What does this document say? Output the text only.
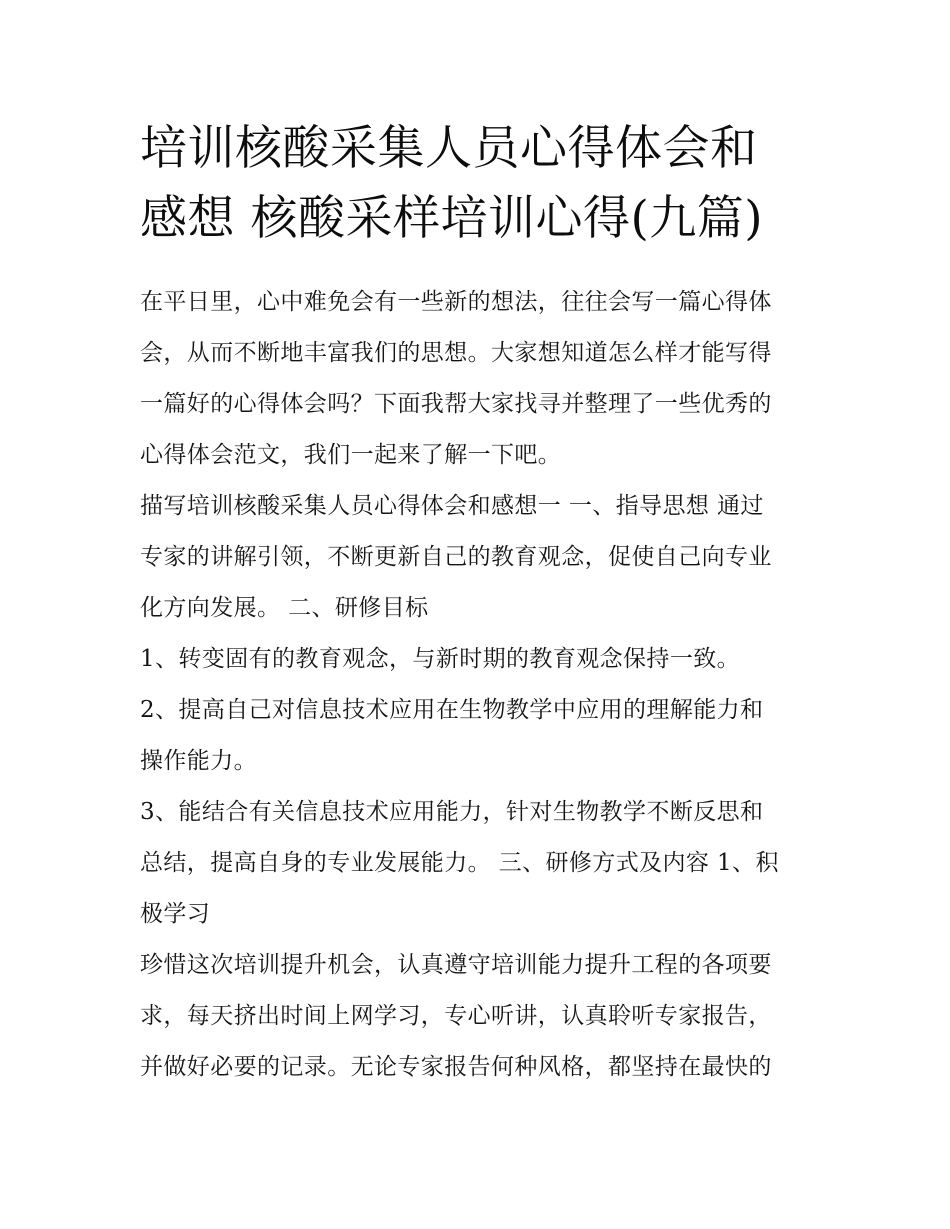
培训核酸采集人员心得体会和
感想 核酸采样培训心得(九篇)
在平日里，心中难免会有一些新的想法，往往会写一篇心得体
会，从而不断地丰富我们的思想。大家想知道怎么样才能写得
一篇好的心得体会吗？下面我帮大家找寻并整理了一些优秀的
心得体会范文，我们一起来了解一下吧。
描写培训核酸采集人员心得体会和感想一 一、指导思想 通过
专家的讲解引领，不断更新自己的教育观念，促使自己向专业
化方向发展。 二、研修目标
1、转变固有的教育观念，与新时期的教育观念保持一致。
2、提高自己对信息技术应用在生物教学中应用的理解能力和
操作能力。
3、能结合有关信息技术应用能力，针对生物教学不断反思和
总结，提高自身的专业发展能力。 三、研修方式及内容 1、积
极学习
珍惜这次培训提升机会，认真遵守培训能力提升工程的各项要
求，每天挤出时间上网学习，专心听讲，认真聆听专家报告，
并做好必要的记录。无论专家报告何种风格，都坚持在最快的
